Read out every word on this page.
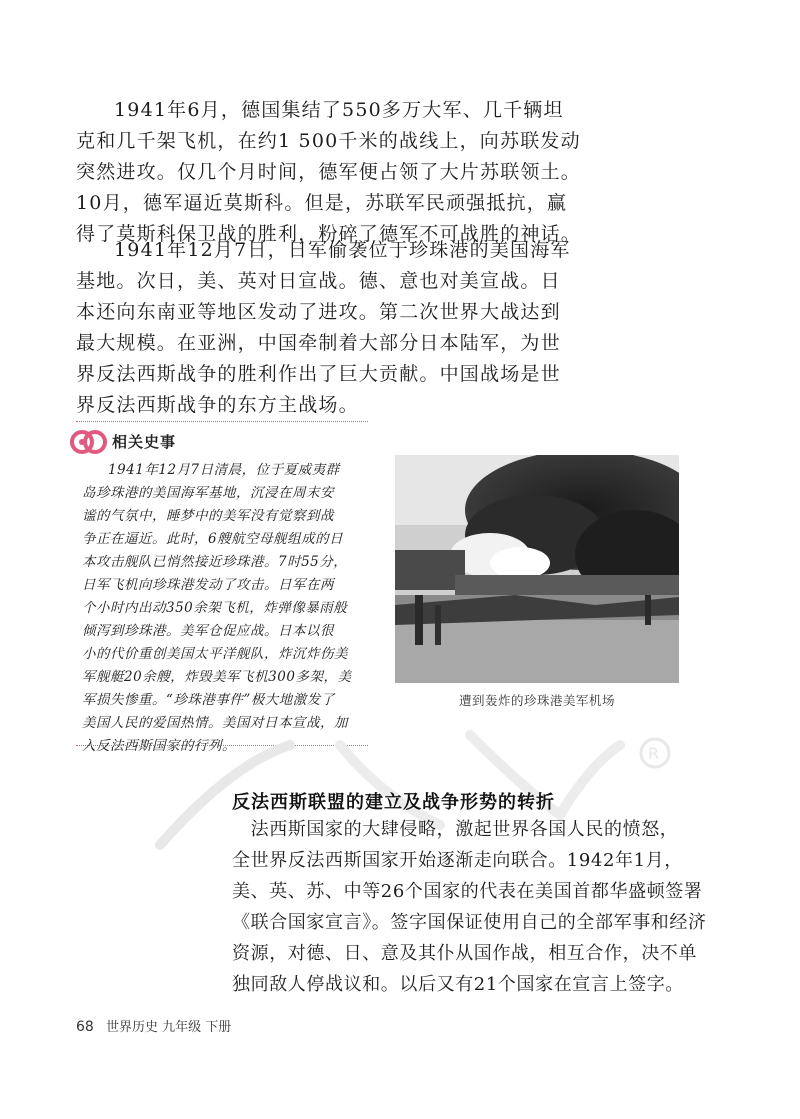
1941年6月，德国集结了550多万大军、几千辆坦
克和几千架飞机，在约1 500千米的战线上，向苏联发动
突然进攻。仅几个月时间，德军便占领了大片苏联领土。
10月，德军逼近莫斯科。但是，苏联军民顽强抵抗，赢
得了莫斯科保卫战的胜利，粉碎了德军不可战胜的神话。
1941年12月7日，日军偷袭位于珍珠港的美国海军
基地。次日，美、英对日宣战。德、意也对美宣战。日
本还向东南亚等地区发动了进攻。第二次世界大战达到
最大规模。在亚洲，中国牵制着大部分日本陆军，为世
界反法西斯战争的胜利作出了巨大贡献。中国战场是世
界反法西斯战争的东方主战场。
相关史事
1941年12月7日清晨，位于夏威夷群
岛珍珠港的美国海军基地，沉浸在周末安
谧的气氛中，睡梦中的美军没有觉察到战
争正在逼近。此时，6艘航空母舰组成的日
本攻击舰队已悄然接近珍珠港。7时55分，
日军飞机向珍珠港发动了攻击。日军在两
个小时内出动350余架飞机，炸弹像暴雨般
倾泻到珍珠港。美军仓促应战。日本以很
小的代价重创美国太平洋舰队，炸沉炸伤美
军舰艇20余艘，炸毁美军飞机300多架，美
军损失惨重。“珍珠港事件”极大地激发了
美国人民的爱国热情。美国对日本宣战，加
入反法西斯国家的行列。
遭到轰炸的珍珠港美军机场
R
反法西斯联盟的建立及战争形势的转折
　法西斯国家的大肆侵略，激起世界各国人民的愤怒，
全世界反法西斯国家开始逐渐走向联合。1942年1月，
美、英、苏、中等26个国家的代表在美国首都华盛顿签署
《联合国家宣言》。签字国保证使用自己的全部军事和经济
资源，对德、日、意及其仆从国作战，相互合作，决不单
独同敌人停战议和。以后又有21个国家在宣言上签字。
68 世界历史 九年级 下册
